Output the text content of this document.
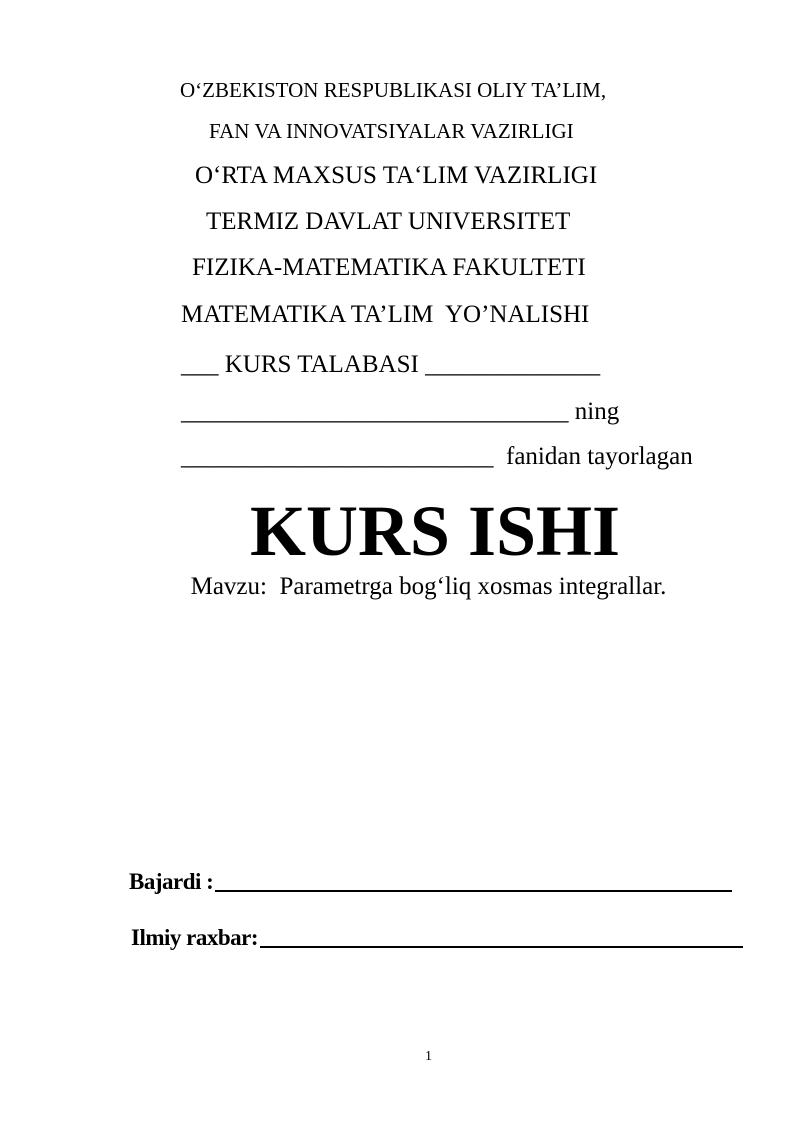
O‘ZBEKISTON RESPUBLIKASI OLIY TA’LIM,
FAN VA INNOVATSIYALAR VAZIRLIGI
O‘RTA MAXSUS TA‘LIM VAZIRLIGI
TERMIZ DAVLAT UNIVERSITET
FIZIKA-MATEMATIKA FAKULTETI
MATEMATIKA TA’LIM  YO’NALISHI
___ KURS TALABASI ______________
_______________________________ ning
_________________________  fanidan tayorlagan
KURS ISHI
Mavzu:  Parametrga bog‘liq xosmas integrallar.
Bajardi :
Ilmiy raxbar:
1
